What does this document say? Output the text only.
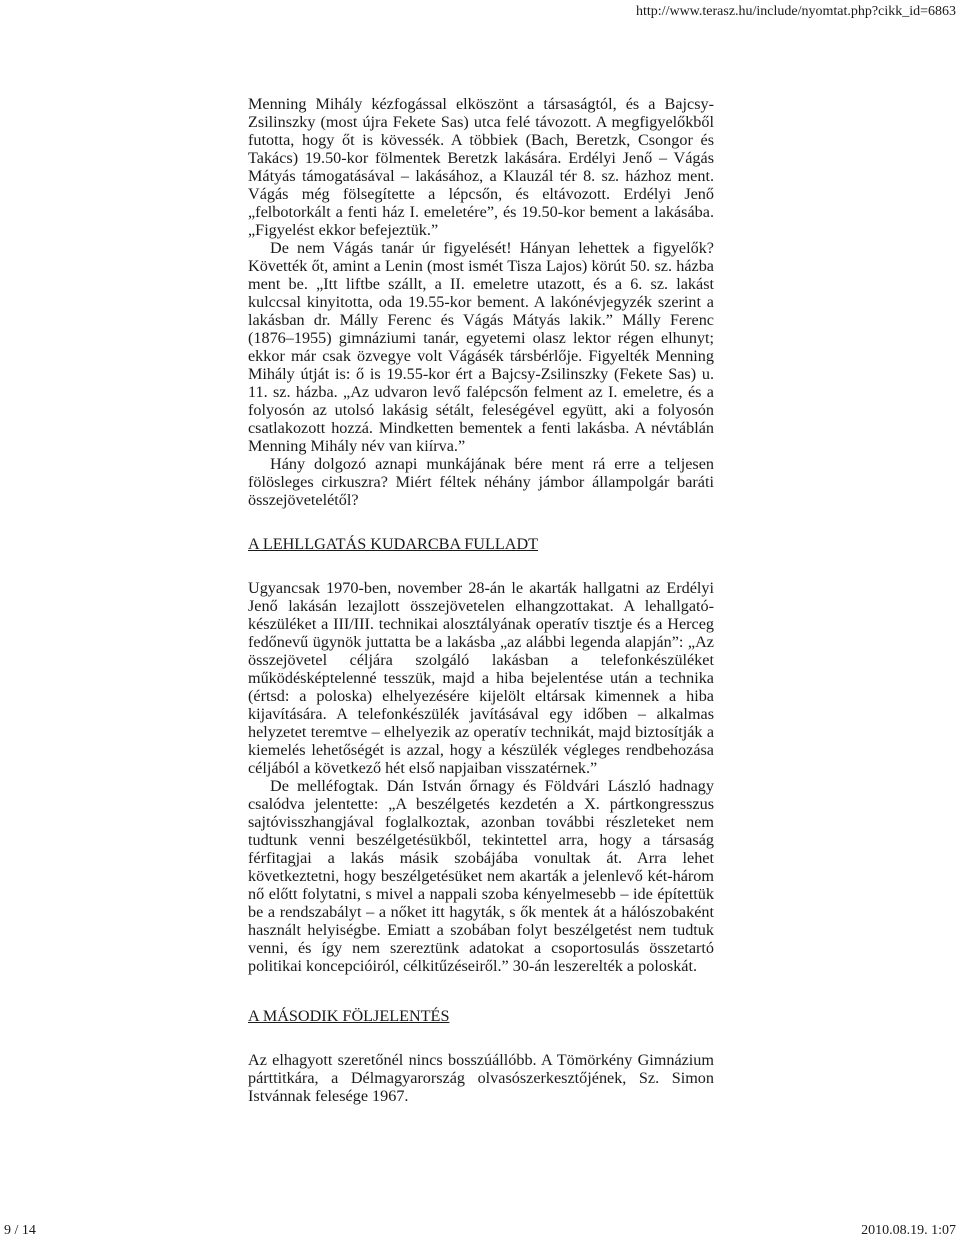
http://www.terasz.hu/include/nyomtat.php?cikk_id=6863

Menning Mihály kézfogással elköszönt a társaságtól, és a Bajcsy-Zsilinszky (most újra Fekete Sas) utca felé távozott. A megfigyelőkből futotta, hogy őt is kövessék. A többiek (Bach, Beretzk, Csongor és Takács) 19.50-kor fölmentek Beretzk lakására. Erdélyi Jenő – Vágás Mátyás támogatásával – lakásához, a Klauzál tér 8. sz. házhoz ment. Vágás még fölsegítette a lépcsőn, és eltávozott. Erdélyi Jenő „felbotorkált a fenti ház I. emeletére”, és 19.50-kor bement a lakásába. „Figyelést ekkor befejeztük.”

De nem Vágás tanár úr figyelését! Hányan lehettek a figyelők? Követték őt, amint a Lenin (most ismét Tisza Lajos) körút 50. sz. házba ment be. „Itt liftbe szállt, a II. emeletre utazott, és a 6. sz. lakást kulccsal kinyitotta, oda 19.55-kor bement. A lakónévjegyzék szerint a lakásban dr. Málly Ferenc és Vágás Mátyás lakik.” Málly Ferenc (1876–1955) gimnáziumi tanár, egyetemi olasz lektor régen elhunyt; ekkor már csak özvegye volt Vágásék társbérlője. Figyelték Menning Mihály útját is: ő is 19.55-kor ért a Bajcsy-Zsilinszky (Fekete Sas) u. 11. sz. házba. „Az udvaron levő falépcsőn felment az I. emeletre, és a folyosón az utolsó lakásig sétált, feleségével együtt, aki a folyosón csatlakozott hozzá. Mindketten bementek a fenti lakásba. A névtáblán Menning Mihály név van kiírva.”

Hány dolgozó aznapi munkájának bére ment rá erre a teljesen fölösleges cirkuszra? Miért féltek néhány jámbor állampolgár baráti összejövetelétől?

A LEHLLGATÁS KUDARCBA FULLADT

Ugyancsak 1970-ben, november 28-án le akarták hallgatni az Erdélyi Jenő lakásán lezajlott összejövetelen elhangzottakat. A lehallgató-készüléket a III/III. technikai alosztályának operatív tisztje és a Herceg fedőnevű ügynök juttatta be a lakásba „az alábbi legenda alapján”: „Az összejövetel céljára szolgáló lakásban a telefonkészüléket működésképtelenné tesszük, majd a hiba bejelentése után a technika (értsd: a poloska) elhelyezésére kijelölt eltársak kimennek a hiba kijavítására. A telefonkészülék javításával egy időben – alkalmas helyzetet teremtve – elhelyezik az operatív technikát, majd biztosítják a kiemelés lehetőségét is azzal, hogy a készülék végleges rendbehozása céljából a következő hét első napjaiban visszatérnek.”

De melléfogtak. Dán István őrnagy és Földvári László hadnagy csalódva jelentette: „A beszélgetés kezdetén a X. pártkongresszus sajtóvisszhangjával foglalkoztak, azonban további részleteket nem tudtunk venni beszélgetésükből, tekintettel arra, hogy a társaság férfitagjai a lakás másik szobájába vonultak át. Arra lehet következtetni, hogy beszélgetésüket nem akarták a jelenlevő két-három nő előtt folytatni, s mivel a nappali szoba kényelmesebb – ide építettük be a rendszabályt – a nőket itt hagyták, s ők mentek át a hálószobaként használt helyiségbe. Emiatt a szobában folyt beszélgetést nem tudtuk venni, és így nem szereztünk adatokat a csoportosulás összetartó politikai koncepcióiról, célkitűzéseiről.” 30-án leszerelték a poloskát.

A MÁSODIK FÖLJELENTÉS

Az elhagyott szeretőnél nincs bosszúállóbb. A Tömörkény Gimnázium párttitkára, a Délmagyarország olvasószerkesztőjének, Sz. Simon Istvánnak felesége 1967.

9 / 14	2010.08.19. 1:07
